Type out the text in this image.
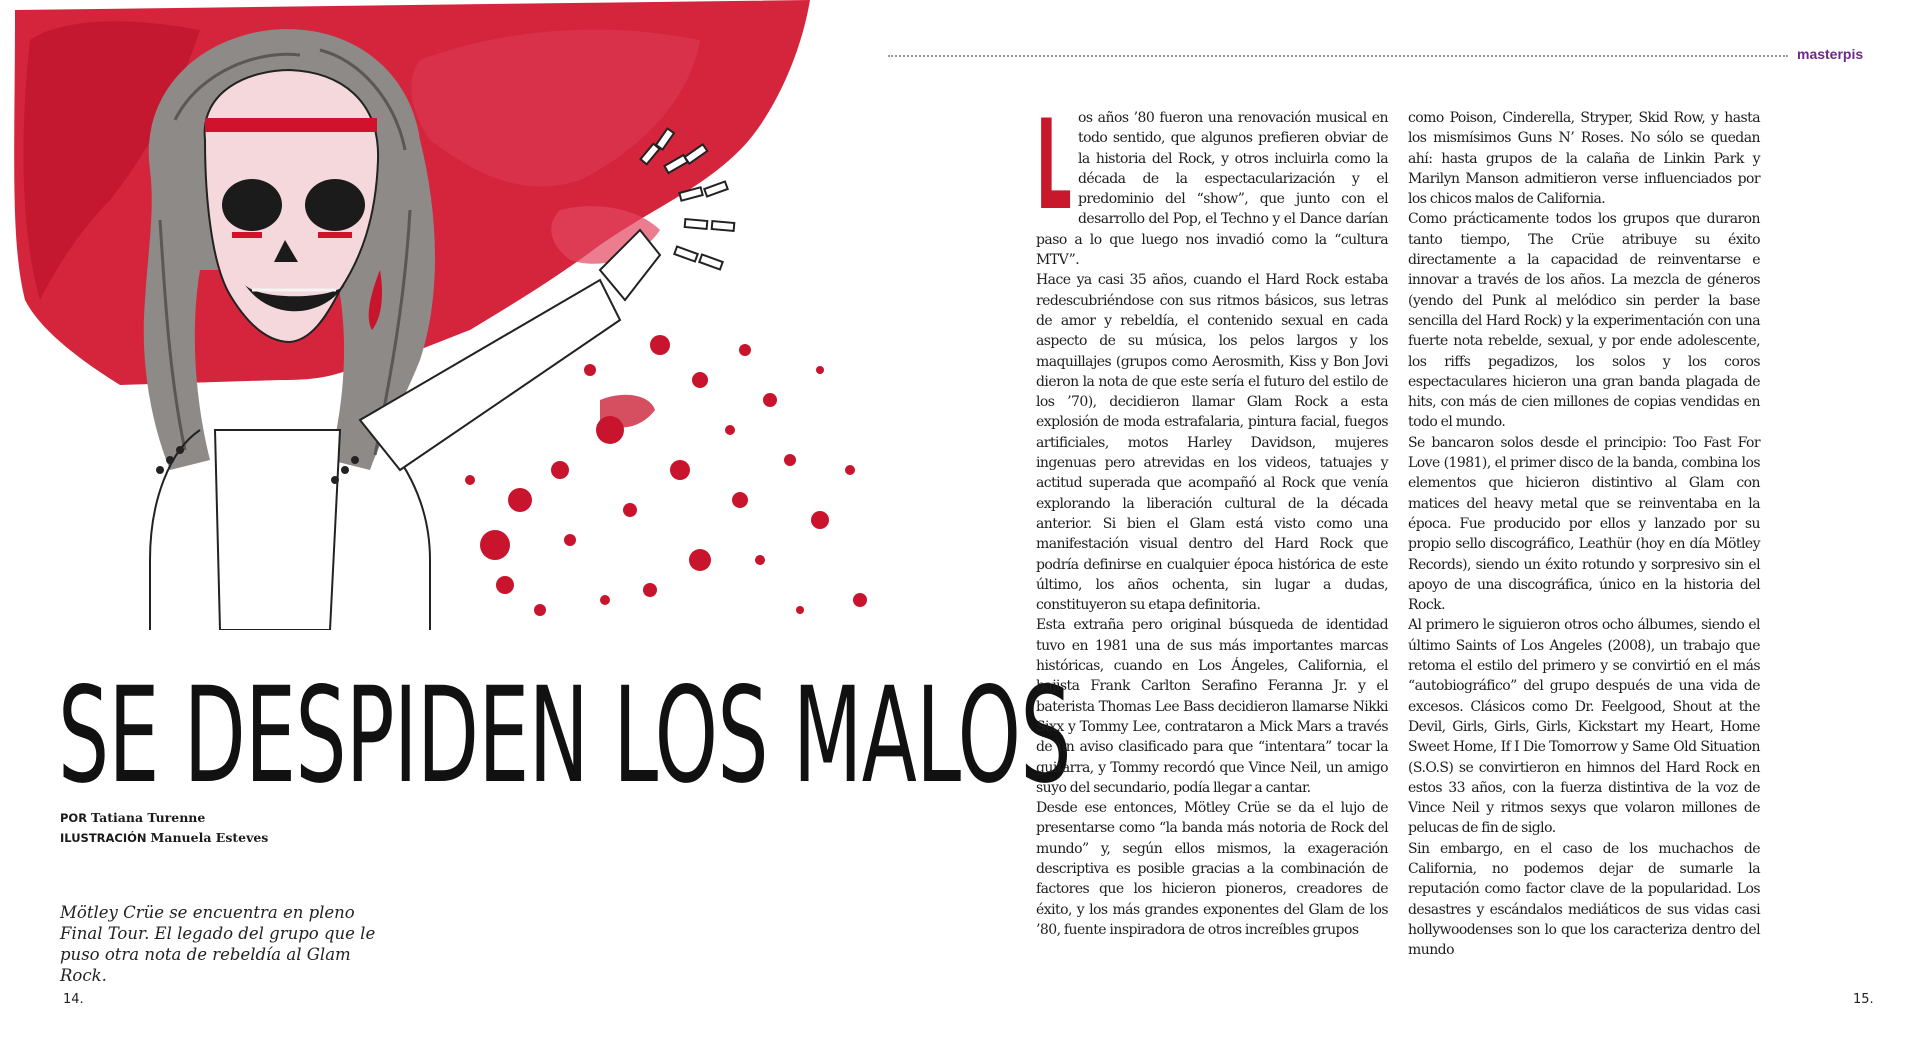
SE DESPIDEN LOS MALOS
POR Tatiana Turenne
ILUSTRACIÓN Manuela Esteves

Mötley Crüe se encuentra en pleno Final Tour. El legado del grupo que le puso otra nota de rebeldía al Glam Rock.

14.
masterpis

Los años ’80 fueron una renovación musical en todo sentido, que algunos prefieren obviar de la historia del Rock, y otros incluirla como la década de la espectacularización y el predominio del “show”, que junto con el desarrollo del Pop, el Techno y el Dance darían paso a lo que luego nos invadió como la “cultura MTV”.

Hace ya casi 35 años, cuando el Hard Rock estaba redescubriéndose con sus ritmos básicos, sus letras de amor y rebeldía, el contenido sexual en cada aspecto de su música, los pelos largos y los maquillajes (grupos como Aerosmith, Kiss y Bon Jovi dieron la nota de que este sería el futuro del estilo de los ’70), decidieron llamar Glam Rock a esta explosión de moda estrafalaria, pintura facial, fuegos artificiales, motos Harley Davidson, mujeres ingenuas pero atrevidas en los videos, tatuajes y actitud superada que acompañó al Rock que venía explorando la liberación cultural de la década anterior. Si bien el Glam está visto como una manifestación visual dentro del Hard Rock que podría definirse en cualquier época histórica de este último, los años ochenta, sin lugar a dudas, constituyeron su etapa definitoria.

Esta extraña pero original búsqueda de identidad tuvo en 1981 una de sus más importantes marcas históricas, cuando en Los Ángeles, California, el bajista Frank Carlton Serafino Feranna Jr. y el baterista Thomas Lee Bass decidieron llamarse Nikki Sixx y Tommy Lee, contrataron a Mick Mars a través de un aviso clasificado para que “intentara” tocar la guitarra, y Tommy recordó que Vince Neil, un amigo suyo del secundario, podía llegar a cantar.

Desde ese entonces, Mötley Crüe se da el lujo de presentarse como “la banda más notoria de Rock del mundo” y, según ellos mismos, la exageración descriptiva es posible gracias a la combinación de factores que los hicieron pioneros, creadores de éxito, y los más grandes exponentes del Glam de los ’80, fuente inspiradora de otros increíbles grupos

como Poison, Cinderella, Stryper, Skid Row, y hasta los mismísimos Guns N’ Roses. No sólo se quedan ahí: hasta grupos de la calaña de Linkin Park y Marilyn Manson admitieron verse influenciados por los chicos malos de California.

Como prácticamente todos los grupos que duraron tanto tiempo, The Crüe atribuye su éxito directamente a la capacidad de reinventarse e innovar a través de los años. La mezcla de géneros (yendo del Punk al melódico sin perder la base sencilla del Hard Rock) y la experimentación con una fuerte nota rebelde, sexual, y por ende adolescente, los riffs pegadizos, los solos y los coros espectaculares hicieron una gran banda plagada de hits, con más de cien millones de copias vendidas en todo el mundo.

Se bancaron solos desde el principio: Too Fast For Love (1981), el primer disco de la banda, combina los elementos que hicieron distintivo al Glam con matices del heavy metal que se reinventaba en la época. Fue producido por ellos y lanzado por su propio sello discográfico, Leathür (hoy en día Mötley Records), siendo un éxito rotundo y sorpresivo sin el apoyo de una discográfica, único en la historia del Rock.

Al primero le siguieron otros ocho álbumes, siendo el último Saints of Los Angeles (2008), un trabajo que retoma el estilo del primero y se convirtió en el más “autobiográfico” del grupo después de una vida de excesos. Clásicos como Dr. Feelgood, Shout at the Devil, Girls, Girls, Girls, Kickstart my Heart, Home Sweet Home, If I Die Tomorrow y Same Old Situation (S.O.S) se convirtieron en himnos del Hard Rock en estos 33 años, con la fuerza distintiva de la voz de Vince Neil y ritmos sexys que volaron millones de pelucas de fin de siglo.

Sin embargo, en el caso de los muchachos de California, no podemos dejar de sumarle la reputación como factor clave de la popularidad. Los desastres y escándalos mediáticos de sus vidas casi hollywoodenses son lo que los caracteriza dentro del mundo

15.
